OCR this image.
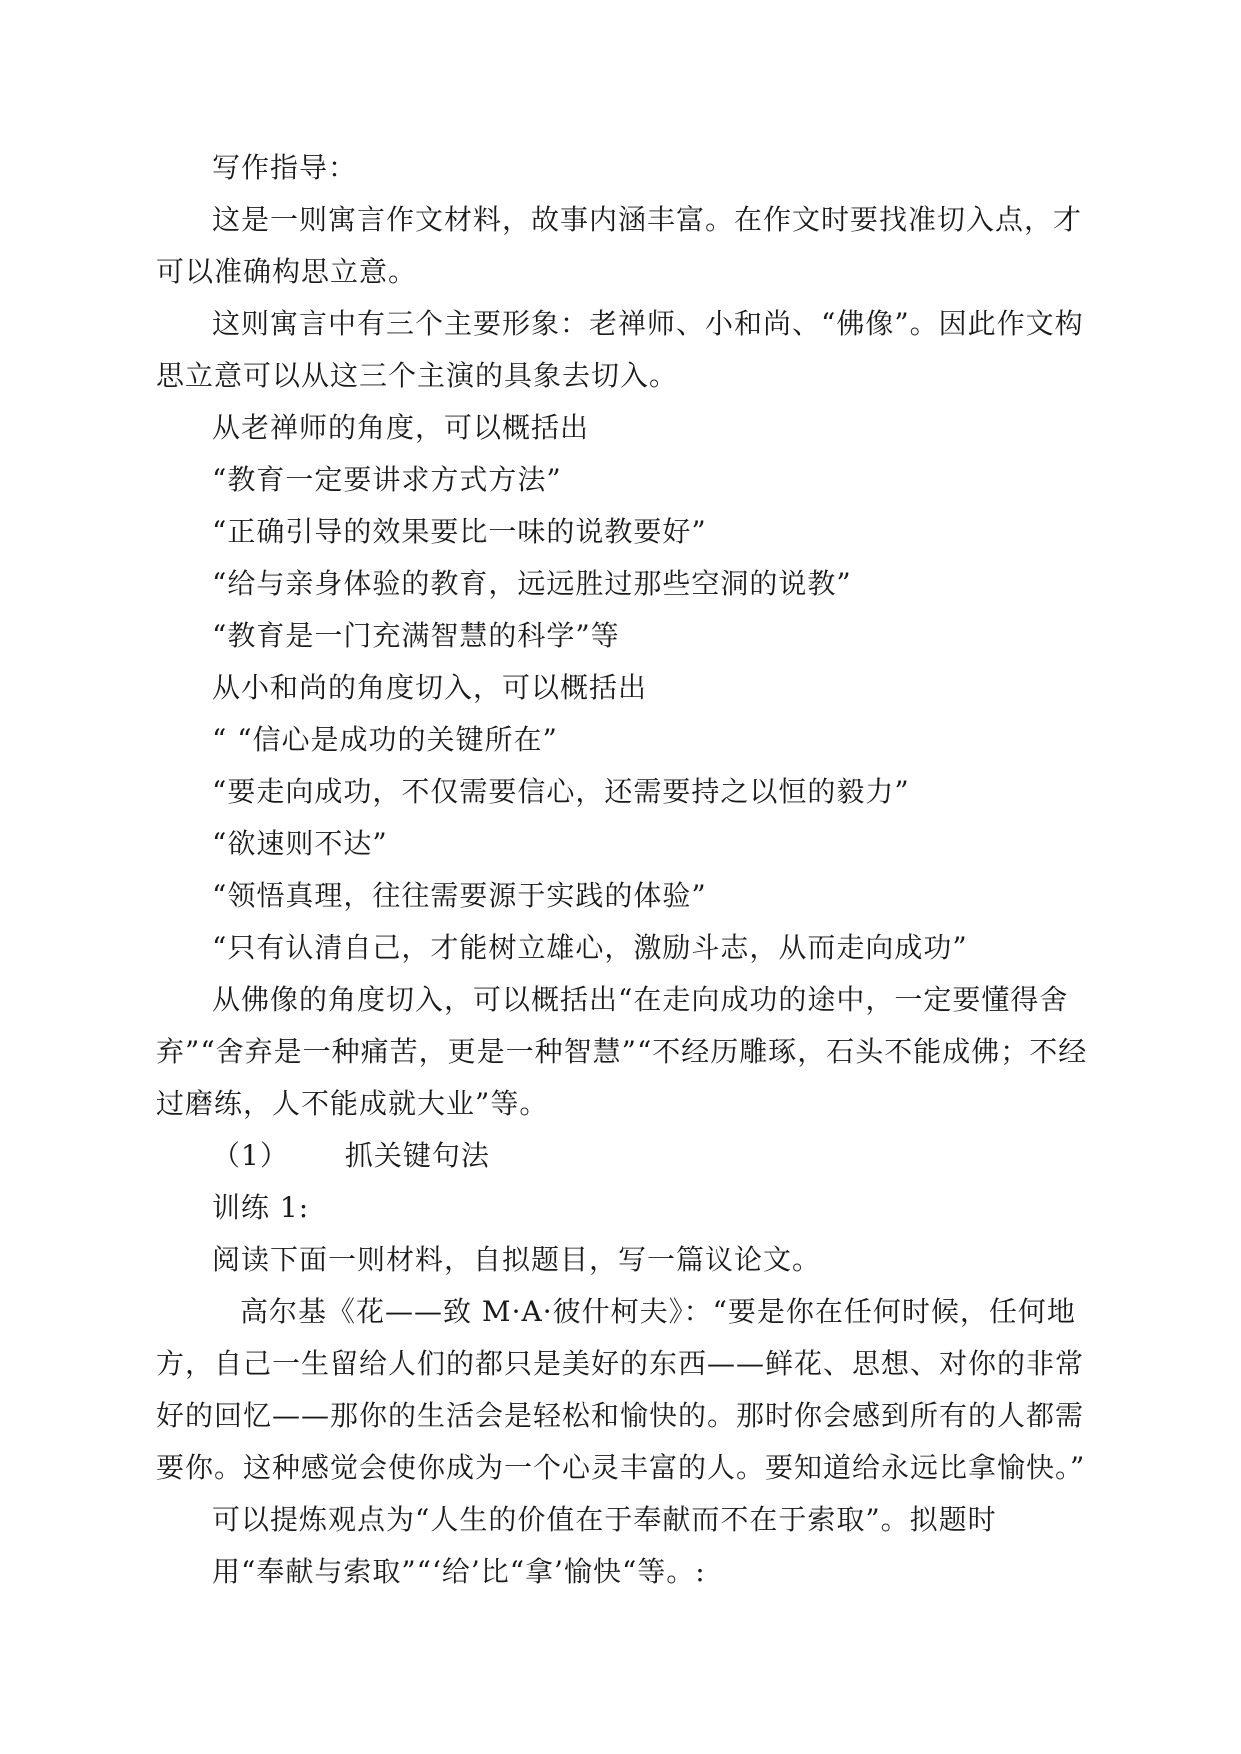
写作指导：

这是一则寓言作文材料，故事内涵丰富。在作文时要找准切入点，才可以准确构思立意。

这则寓言中有三个主要形象：老禅师、小和尚、“佛像”。因此作文构思立意可以从这三个主演的具象去切入。

从老禅师的角度，可以概括出

“教育一定要讲求方式方法”

“正确引导的效果要比一味的说教要好”

“给与亲身体验的教育，远远胜过那些空洞的说教”

“教育是一门充满智慧的科学”等

从小和尚的角度切入，可以概括出

“ “信心是成功的关键所在”

“要走向成功，不仅需要信心，还需要持之以恒的毅力”

“欲速则不达”

“领悟真理，往往需要源于实践的体验”

“只有认清自己，才能树立雄心，激励斗志，从而走向成功”

从佛像的角度切入，可以概括出“在走向成功的途中，一定要懂得舍弃”“舍弃是一种痛苦，更是一种智慧”“不经历雕琢，石头不能成佛；不经过磨练，人不能成就大业”等。

（1） 抓关键句法

训练 1:

阅读下面一则材料，自拟题目，写一篇议论文。

高尔基《花——致 M·A·彼什柯夫》：“要是你在任何时候，任何地方，自己一生留给人们的都只是美好的东西——鲜花、思想、对你的非常好的回忆——那你的生活会是轻松和愉快的。那时你会感到所有的人都需要你。这种感觉会使你成为一个心灵丰富的人。要知道给永远比拿愉快。”

可以提炼观点为“人生的价值在于奉献而不在于索取”。拟题时

用“奉献与索取”“‘给’比“拿’愉快“等。:
